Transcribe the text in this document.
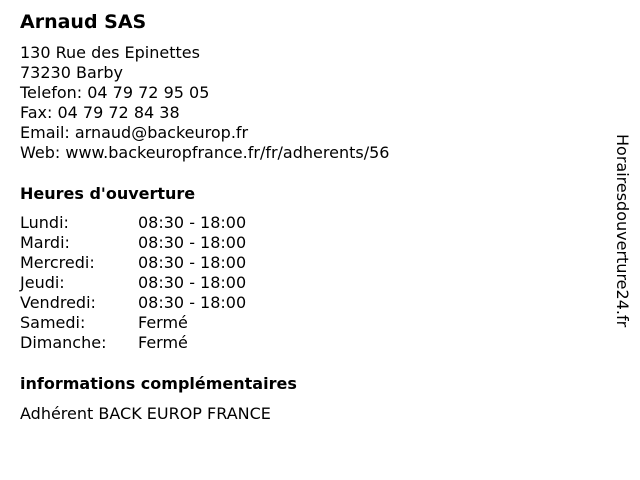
Arnaud SAS
130 Rue des Epinettes
73230 Barby
Telefon: 04 79 72 95 05
Fax: 04 79 72 84 38
Email: arnaud@backeurop.fr
Web: www.backeuropfrance.fr/fr/adherents/56
Heures d'ouverture
Lundi:	08:30 - 18:00
Mardi:	08:30 - 18:00
Mercredi:	08:30 - 18:00
Jeudi:	08:30 - 18:00
Vendredi:	08:30 - 18:00
Samedi:	Fermé
Dimanche:	Fermé
informations complémentaires
Adhérent BACK EUROP FRANCE
Horairesdouverture24.fr
